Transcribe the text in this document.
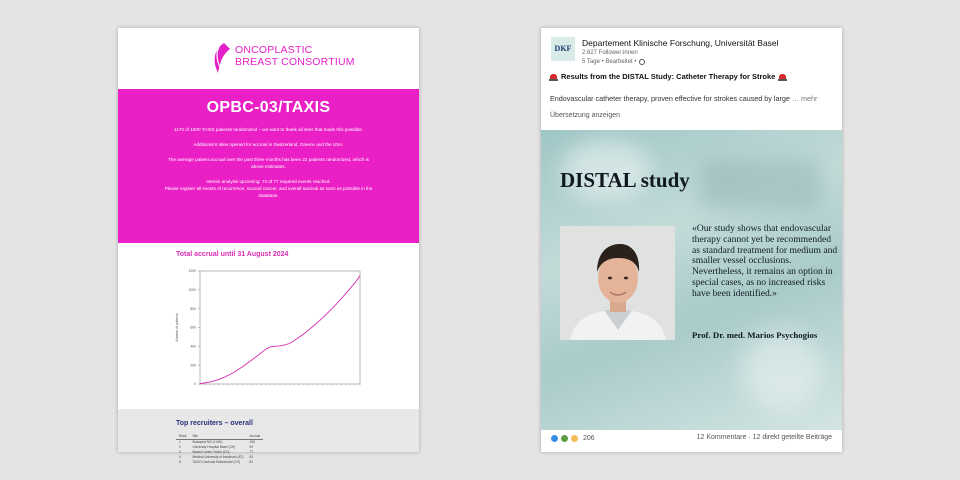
ONCOPLASTIC
BREAST CONSORTIUM
OPBC-03/TAXIS

1170 of 1500 TAXIS patients randomized – we want to thank all sites that made this possible.

Additional 6 sites opened for accrual in Switzerland, Greece and the USA.

The average patient accrual over the past three months has been 22 patients randomized, which is above estimates.

Interim analysis upcoming: 74 of 77 required events reached.
Please register all events of recurrence, second cancer, and overall survival as soon as possible in the database.

Total accrual until 31 August 2024
0
200
400
600
800
1000
1200
Number of patients
Top recruiters – overall
Rank	Site	Accrual
1	Budapest NIO (HUN)	108
2	University Hospital Basel (CH)	90
3	Breast Center Zürich (CH)	77
4	Medical University of Innsbruck (AT)	63
5	TAZiO Cantonal Switzerland (CH)	62
DKF
Departement Klinische Forschung, Universität Basel
2.627 Follower:innen
5 Tage • Bearbeitet •
Results from the DISTAL Study: Catheter Therapy for Stroke
Endovascular catheter therapy, proven effective for strokes caused by large … mehr
Übersetzung anzeigen
DISTAL study
«Our study shows that endovascular therapy cannot yet be recommended as standard treatment for medium and smaller vessel occlusions. Nevertheless, it remains an option in special cases, as no increased risks have been identified.»
Prof. Dr. med. Marios Psychogios
206	12 Kommentare · 12 direkt geteilte Beiträge
